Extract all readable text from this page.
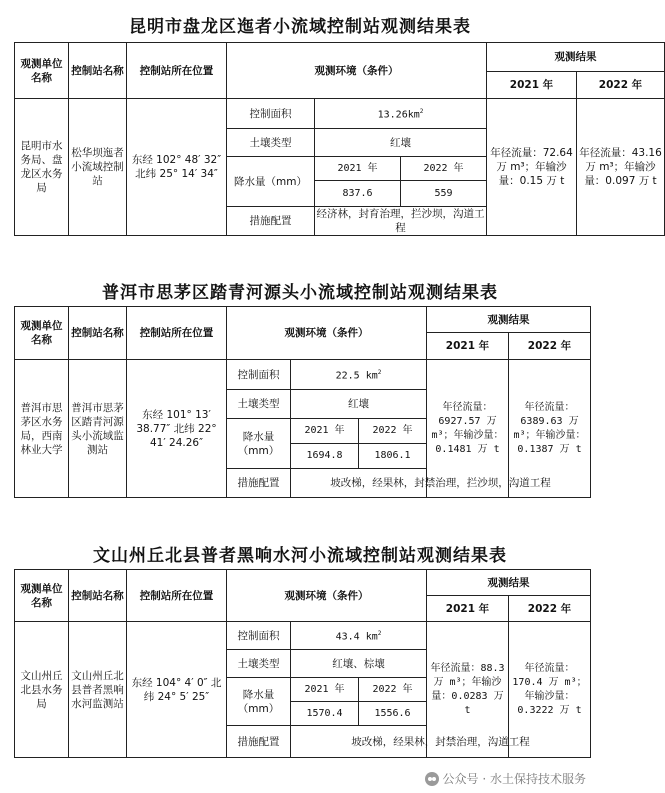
昆明市盘龙区迤者小流域控制站观测结果表
观测单位名称	控制站名称	控制站所在位置	观测环境（条件）			观测结果	
						2021 年	2022 年
昆明市水务局、盘龙区水务局	松华坝迤者小流域控制站	东经 102° 48′ 32″ 北纬 25° 14′ 34″	控制面积	$13.26km^2$		年径流量：72.64 万 m³；年输沙量：0.15 万 t	年径流量：43.16 万 m³；年输沙量：0.097 万 t
			土壤类型	红壤			
			降水量（mm）	2021 年	2022 年		
				837.6	559		
			措施配置	经济林，封育治理，拦沙坝，沟道工程			

普洱市思茅区踏青河源头小流域控制站观测结果表
观测单位名称	控制站名称	控制站所在位置	观测环境（条件）			观测结果	
						2021 年	2022 年
普洱市思茅区水务局，西南林业大学	普洱市思茅区踏青河源头小流域监测站	东经 101° 13′ 38.77″ 北纬 22° 41′ 24.26″	控制面积	22.5 $km^2$		年径流量：6927.57 万 m³；年输沙量：0.1481 万 t	年径流量：6389.63 万 m³；年输沙量：0.1387 万 t
			土壤类型	红壤			
			降水量（mm）	2021 年	2022 年		
				1694.8	1806.1		
			措施配置	坡改梯，经果林，封禁治理，拦沙坝，沟道工程			

文山州丘北县普者黑响水河小流域控制站观测结果表
观测单位名称	控制站名称	控制站所在位置	观测环境（条件）			观测结果	
						2021 年	2022 年
文山州丘北县水务局	文山州丘北县普者黑响水河监测站	东经 104° 4′ 0″ 北纬 24° 5′ 25″	控制面积	43.4 $km^2$		年径流量：88.3 万 m³；年输沙量：0.0283 万 t	年径流量：170.4 万 m³；年输沙量：0.3222 万 t
			土壤类型	红壤、棕壤			
			降水量（mm）	2021 年	2022 年		
				1570.4	1556.6		
			措施配置	坡改梯，经果林，封禁治理，沟道工程			

公众号 · 水土保持技术服务
